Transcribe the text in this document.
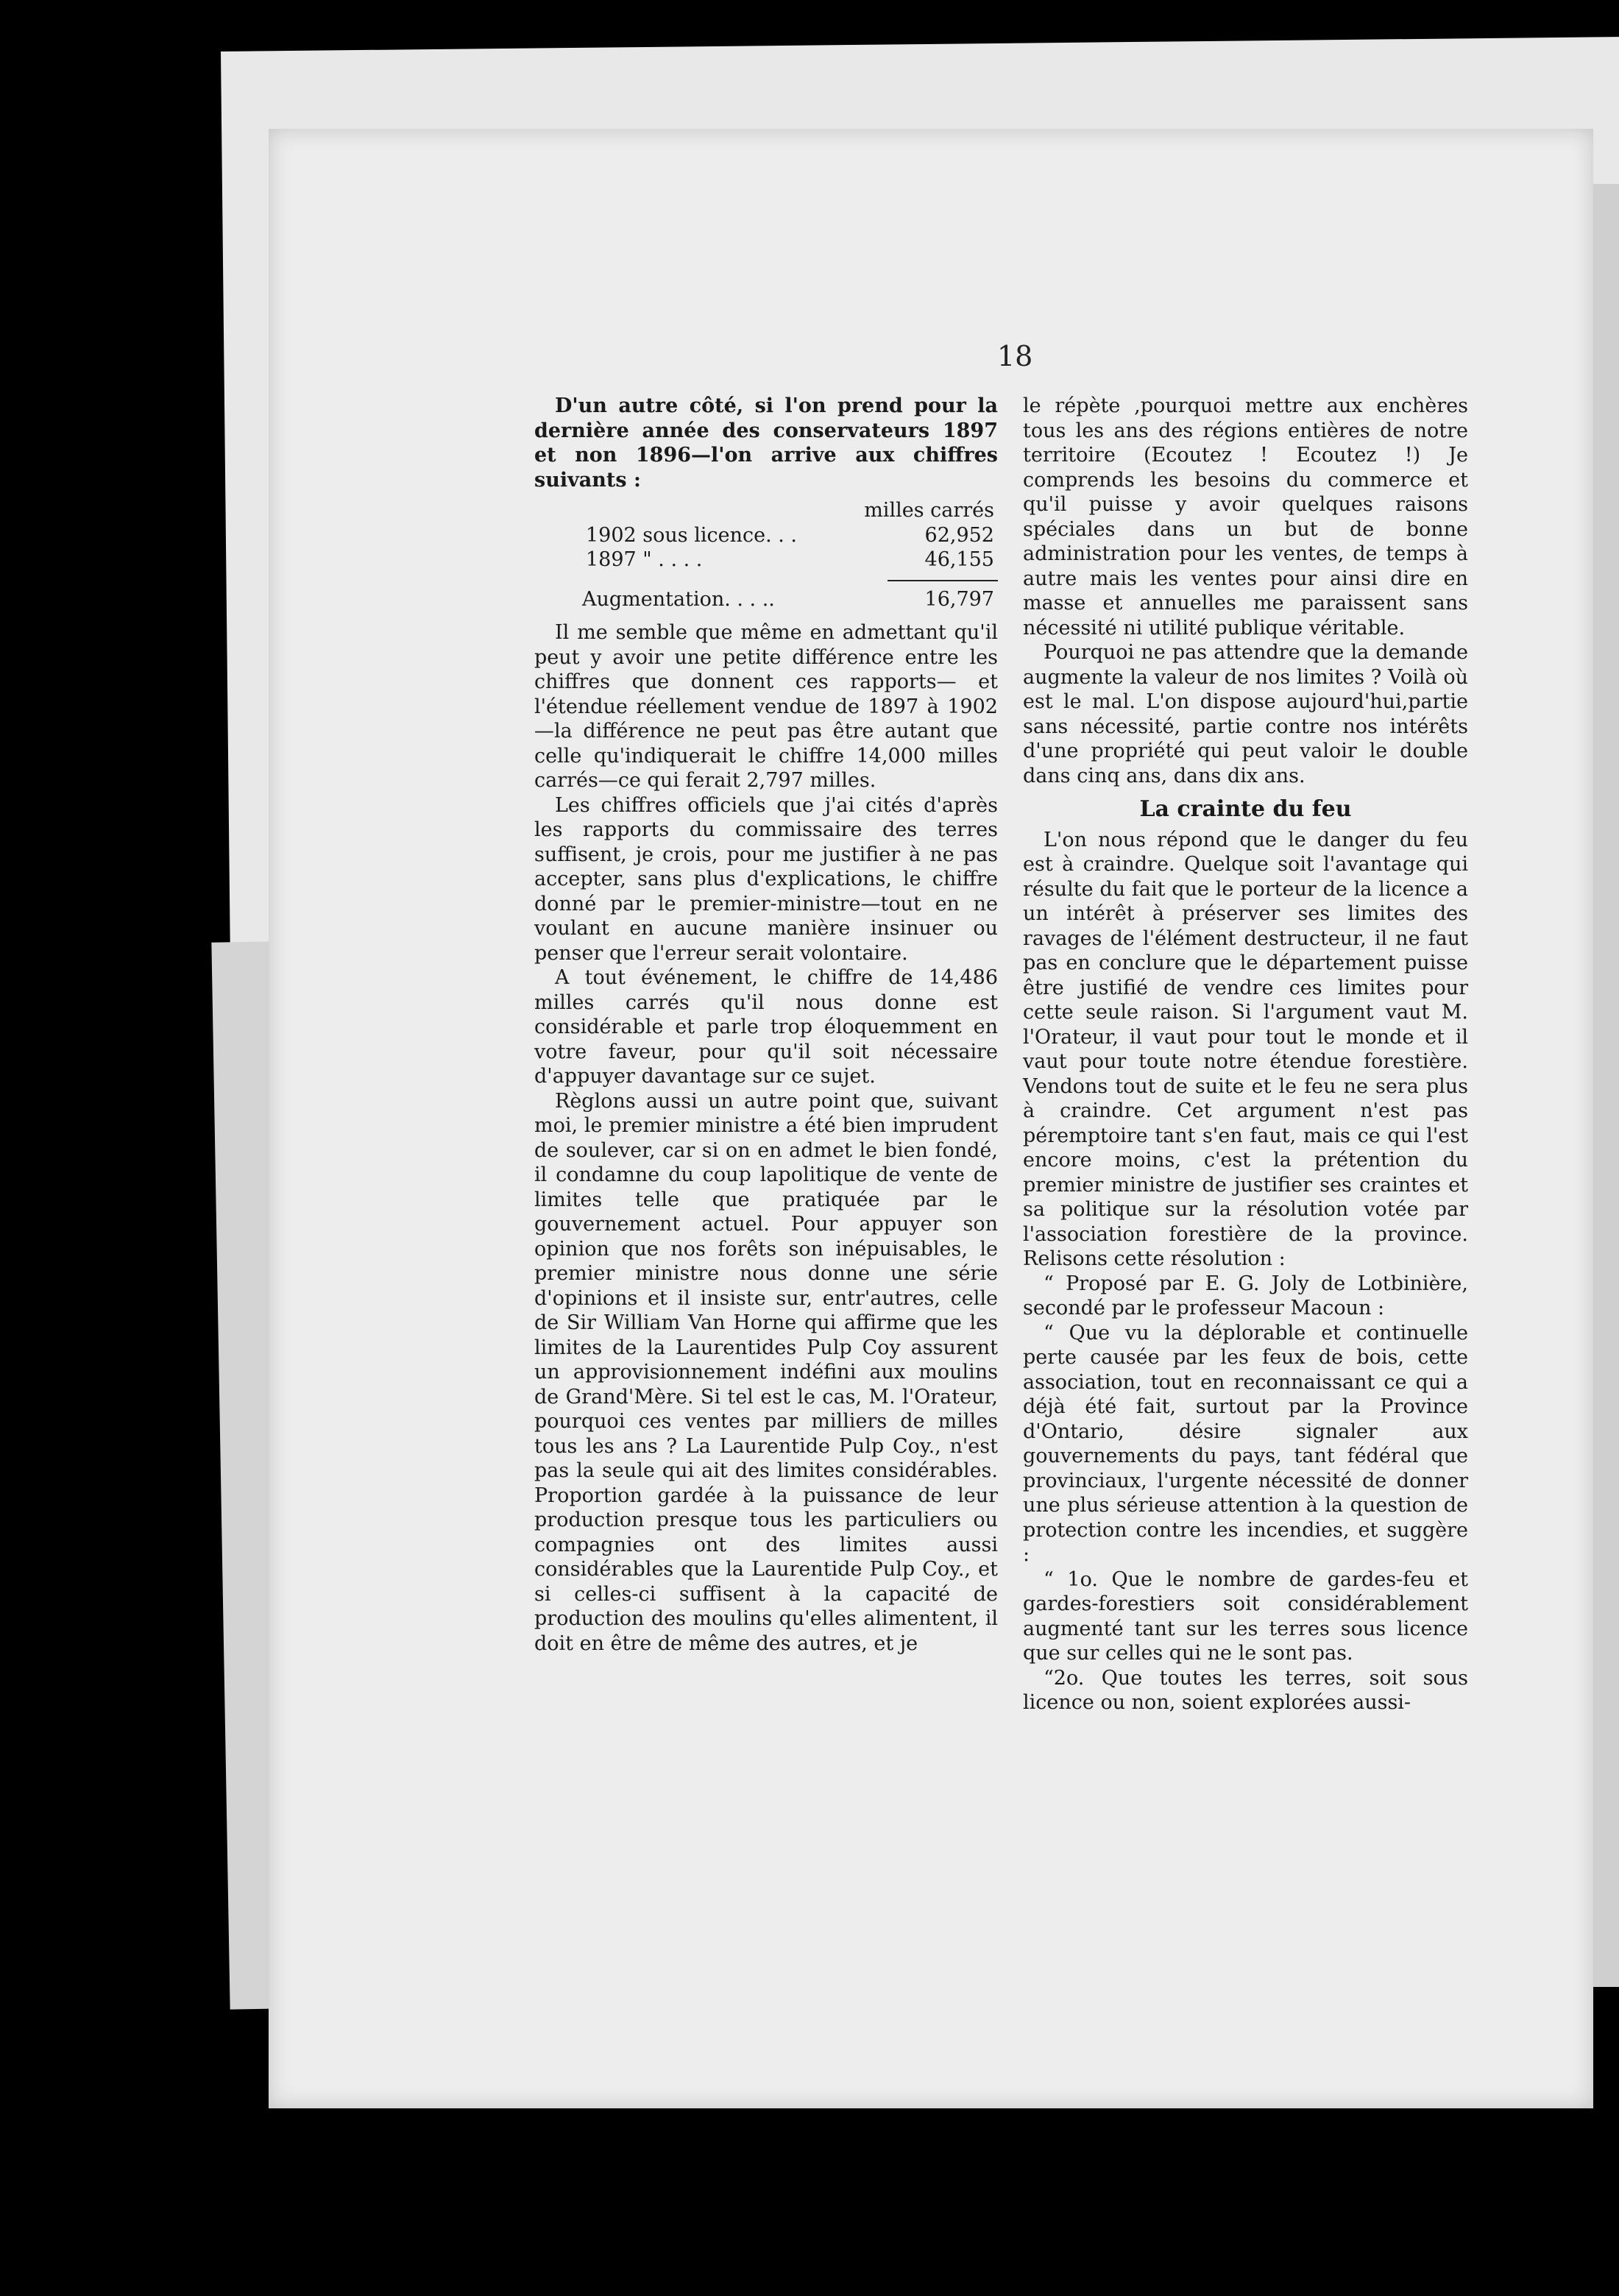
18

D'un autre côté, si l'on prend pour la dernière année des conservateurs 1897 et non 1896—l'on arrive aux chiffres suivants :

milles carrés
1902 sous licence. . .	62,952
1897 " . . . .	46,155
Augmentation. . . ..	16,797

Il me semble que même en admettant qu'il peut y avoir une petite différence entre les chiffres que donnent ces rapports— et l'étendue réellement vendue de 1897 à 1902—la différence ne peut pas être autant que celle qu'indiquerait le chiffre 14,000 milles carrés—ce qui ferait 2,797 milles.

Les chiffres officiels que j'ai cités d'après les rapports du commissaire des terres suffisent, je crois, pour me justifier à ne pas accepter, sans plus d'explications, le chiffre donné par le premier-ministre—tout en ne voulant en aucune manière insinuer ou penser que l'erreur serait volontaire.

A tout événement, le chiffre de 14,486 milles carrés qu'il nous donne est considérable et parle trop éloquemment en votre faveur, pour qu'il soit nécessaire d'appuyer davantage sur ce sujet.

Règlons aussi un autre point que, suivant moi, le premier ministre a été bien imprudent de soulever, car si on en admet le bien fondé, il condamne du coup lapolitique de vente de limites telle que pratiquée par le gouvernement actuel. Pour appuyer son opinion que nos forêts son inépuisables, le premier ministre nous donne une série d'opinions et il insiste sur, entr'autres, celle de Sir William Van Horne qui affirme que les limites de la Laurentides Pulp Coy assurent un approvisionnement indéfini aux moulins de Grand'Mère. Si tel est le cas, M. l'Orateur, pourquoi ces ventes par milliers de milles tous les ans ? La Laurentide Pulp Coy., n'est pas la seule qui ait des limites considérables. Proportion gardée à la puissance de leur production presque tous les particuliers ou compagnies ont des limites aussi considérables que la Laurentide Pulp Coy., et si celles-ci suffisent à la capacité de production des moulins qu'elles alimentent, il doit en être de même des autres, et je

le répète ,pourquoi mettre aux enchères tous les ans des régions entières de notre territoire (Ecoutez ! Ecoutez !) Je comprends les besoins du commerce et qu'il puisse y avoir quelques raisons spéciales dans un but de bonne administration pour les ventes, de temps à autre mais les ventes pour ainsi dire en masse et annuelles me paraissent sans nécessité ni utilité publique véritable.

Pourquoi ne pas attendre que la demande augmente la valeur de nos limites ? Voilà où est le mal. L'on dispose aujourd'hui,partie sans nécessité, partie contre nos intérêts d'une propriété qui peut valoir le double dans cinq ans, dans dix ans.

La crainte du feu

L'on nous répond que le danger du feu est à craindre. Quelque soit l'avantage qui résulte du fait que le porteur de la licence a un intérêt à préserver ses limites des ravages de l'élément destructeur, il ne faut pas en conclure que le département puisse être justifié de vendre ces limites pour cette seule raison. Si l'argument vaut M. l'Orateur, il vaut pour tout le monde et il vaut pour toute notre étendue forestière. Vendons tout de suite et le feu ne sera plus à craindre. Cet argument n'est pas péremptoire tant s'en faut, mais ce qui l'est encore moins, c'est la prétention du premier ministre de justifier ses craintes et sa politique sur la résolution votée par l'association forestière de la province. Relisons cette résolution :

“ Proposé par E. G. Joly de Lotbinière, secondé par le professeur Macoun :

“ Que vu la déplorable et continuelle perte causée par les feux de bois, cette association, tout en reconnaissant ce qui a déjà été fait, surtout par la Province d'Ontario, désire signaler aux gouvernements du pays, tant fédéral que provinciaux, l'urgente nécessité de donner une plus sérieuse attention à la question de protection contre les incendies, et suggère :

“ 1o. Que le nombre de gardes-feu et gardes-forestiers soit considérablement augmenté tant sur les terres sous licence que sur celles qui ne le sont pas.

“2o. Que toutes les terres, soit sous licence ou non, soient explorées aussi-
